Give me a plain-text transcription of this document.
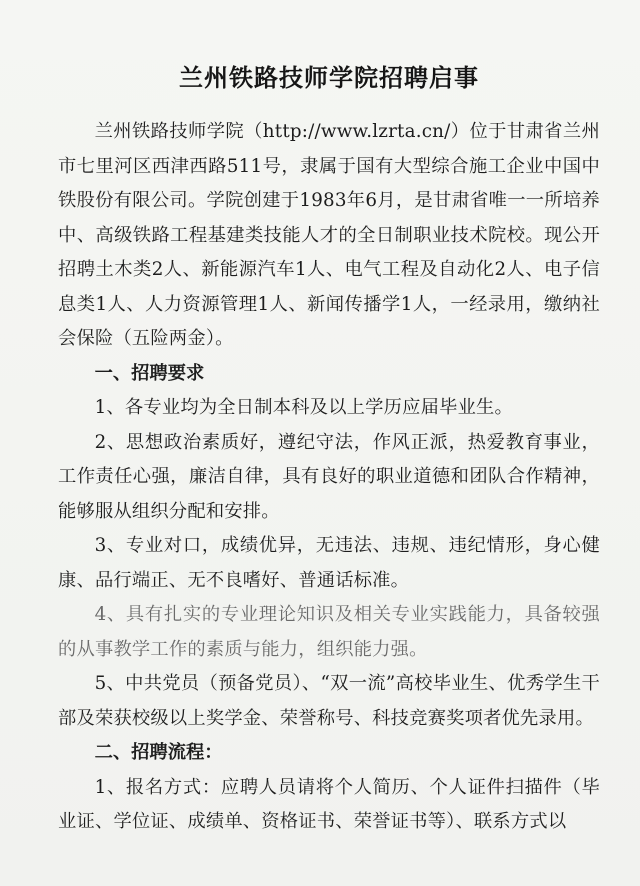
兰州铁路技师学院招聘启事

兰州铁路技师学院（http://www.lzrta.cn/）位于甘肃省兰州市七里河区西津西路511号，隶属于国有大型综合施工企业中国中铁股份有限公司。学院创建于1983年6月，是甘肃省唯一一所培养中、高级铁路工程基建类技能人才的全日制职业技术院校。现公开招聘土木类2人、新能源汽车1人、电气工程及自动化2人、电子信息类1人、人力资源管理1人、新闻传播学1人，一经录用，缴纳社会保险（五险两金）。

一、招聘要求

1、各专业均为全日制本科及以上学历应届毕业生。

2、思想政治素质好，遵纪守法，作风正派，热爱教育事业，工作责任心强，廉洁自律，具有良好的职业道德和团队合作精神，能够服从组织分配和安排。

3、专业对口，成绩优异，无违法、违规、违纪情形，身心健康、品行端正、无不良嗜好、普通话标准。

4、具有扎实的专业理论知识及相关专业实践能力，具备较强的从事教学工作的素质与能力，组织能力强。

5、中共党员（预备党员）、“双一流”高校毕业生、优秀学生干部及荣获校级以上奖学金、荣誉称号、科技竞赛奖项者优先录用。

二、招聘流程：

1、报名方式：应聘人员请将个人简历、个人证件扫描件（毕业证、学位证、成绩单、资格证书、荣誉证书等）、联系方式以
